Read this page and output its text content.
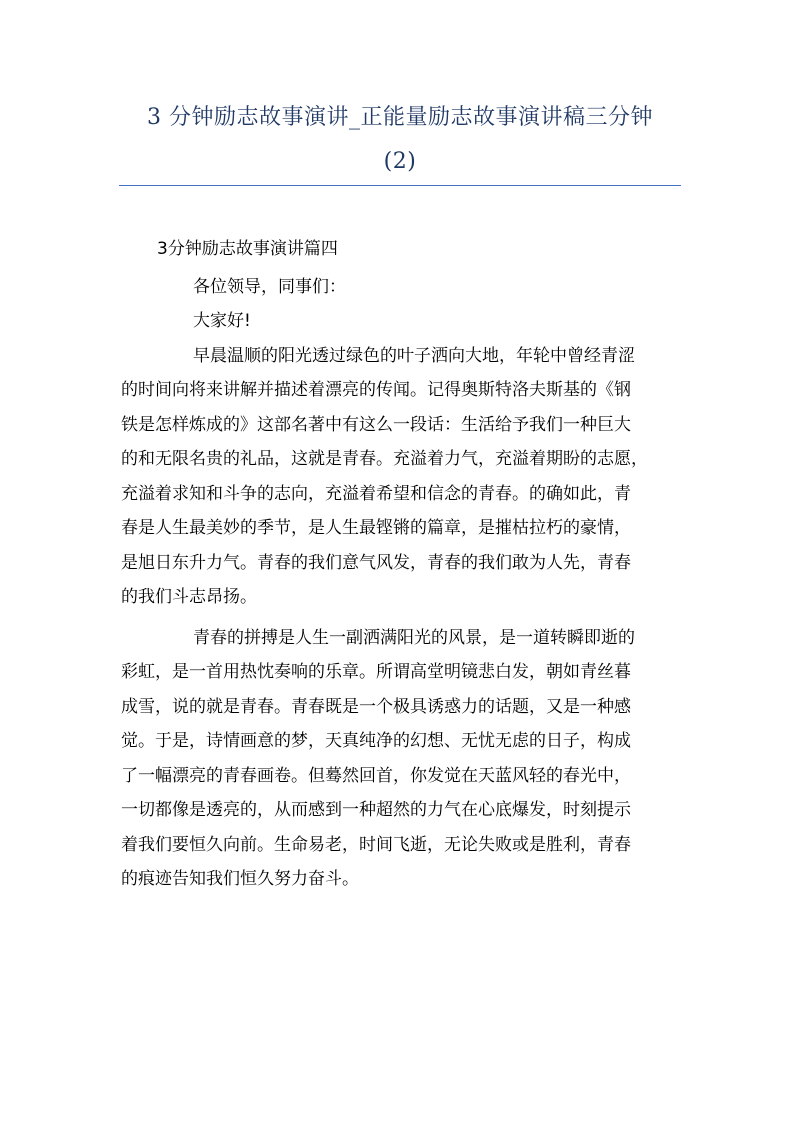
3 分钟励志故事演讲_正能量励志故事演讲稿三分钟
(2)

3分钟励志故事演讲篇四

各位领导，同事们：

大家好!

早晨温顺的阳光透过绿色的叶子洒向大地，年轮中曾经青涩
的时间向将来讲解并描述着漂亮的传闻。记得奥斯特洛夫斯基的《钢
铁是怎样炼成的》这部名著中有这么一段话：生活给予我们一种巨大
的和无限名贵的礼品，这就是青春。充溢着力气，充溢着期盼的志愿，
充溢着求知和斗争的志向，充溢着希望和信念的青春。的确如此，青
春是人生最美妙的季节，是人生最铿锵的篇章，是摧枯拉朽的豪情，
是旭日东升力气。青春的我们意气风发，青春的我们敢为人先，青春
的我们斗志昂扬。

青春的拼搏是人生一副洒满阳光的风景，是一道转瞬即逝的
彩虹，是一首用热忱奏响的乐章。所谓高堂明镜悲白发，朝如青丝暮
成雪，说的就是青春。青春既是一个极具诱惑力的话题，又是一种感
觉。于是，诗情画意的梦，天真纯净的幻想、无忧无虑的日子，构成
了一幅漂亮的青春画卷。但蓦然回首，你发觉在天蓝风轻的春光中，
一切都像是透亮的，从而感到一种超然的力气在心底爆发，时刻提示
着我们要恒久向前。生命易老，时间飞逝，无论失败或是胜利，青春
的痕迹告知我们恒久努力奋斗。
